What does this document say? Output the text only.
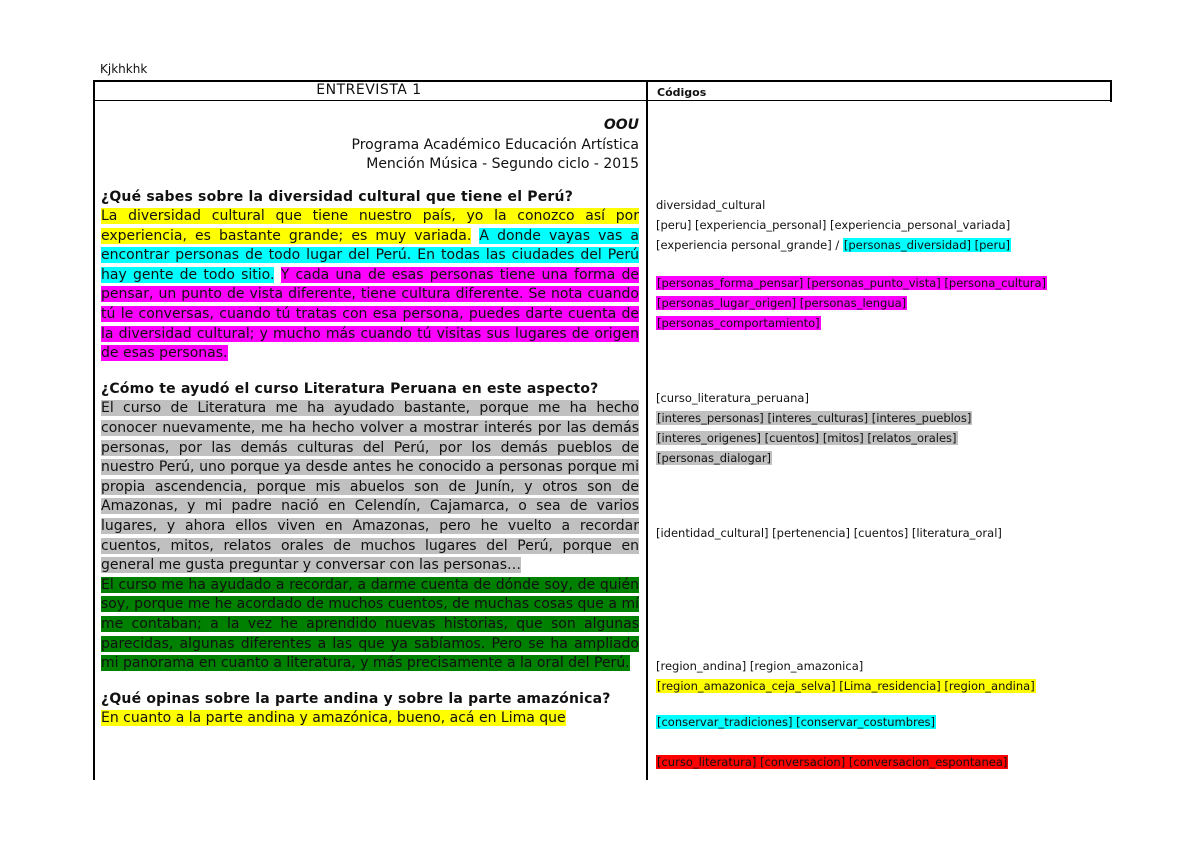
Kjkhkhk
ENTREVISTA 1	Códigos
OOU
Programa Académico Educación Artística
Mención Música - Segundo ciclo - 2015
¿Qué sabes sobre la diversidad cultural que tiene el Perú?
La diversidad cultural que tiene nuestro país, yo la conozco así por experiencia, es bastante grande; es muy variada. A donde vayas vas a encontrar personas de todo lugar del Perú. En todas las ciudades del Perú hay gente de todo sitio. Y cada una de esas personas tiene una forma de pensar, un punto de vista diferente, tiene cultura diferente. Se nota cuando tú le conversas, cuando tú tratas con esa persona, puedes darte cuenta de la diversidad cultural; y mucho más cuando tú visitas sus lugares de origen de esas personas.
¿Cómo te ayudó el curso Literatura Peruana en este aspecto?
El curso de Literatura me ha ayudado bastante, porque me ha hecho conocer nuevamente, me ha hecho volver a mostrar interés por las demás personas, por las demás culturas del Perú, por los demás pueblos de nuestro Perú, uno porque ya desde antes he conocido a personas porque mi propia ascendencia, porque mis abuelos son de Junín, y otros son de Amazonas, y mi padre nació en Celendín, Cajamarca, o sea de varios lugares, y ahora ellos viven en Amazonas, pero he vuelto a recordar cuentos, mitos, relatos orales de muchos lugares del Perú, porque en general me gusta preguntar y conversar con las personas…
El curso me ha ayudado a recordar, a darme cuenta de dónde soy, de quién soy, porque me he acordado de muchos cuentos, de muchas cosas que a mí me contaban; a la vez he aprendido nuevas historias, que son algunas parecidas, algunas diferentes a las que ya sabíamos. Pero se ha ampliado mi panorama en cuanto a literatura, y más precisamente a la oral del Perú.
¿Qué opinas sobre la parte andina y sobre la parte amazónica?
En cuanto a la parte andina y amazónica, bueno, acá en Lima que
diversidad_cultural
[peru] [experiencia_personal] [experiencia_personal_variada]
[experiencia personal_grande] / [personas_diversidad] [peru]
[personas_forma_pensar] [personas_punto_vista] [persona_cultura]
[personas_lugar_origen] [personas_lengua]
[personas_comportamiento]
[curso_literatura_peruana]
[interes_personas] [interes_culturas] [interes_pueblos]
[interes_origenes] [cuentos] [mitos] [relatos_orales]
[personas_dialogar]
[identidad_cultural] [pertenencia] [cuentos] [literatura_oral]
[region_andina] [region_amazonica]
[region_amazonica_ceja_selva] [Lima_residencia] [region_andina]
[conservar_tradiciones] [conservar_costumbres]
[curso_literatura] [conversacion] [conversacion_espontanea]
